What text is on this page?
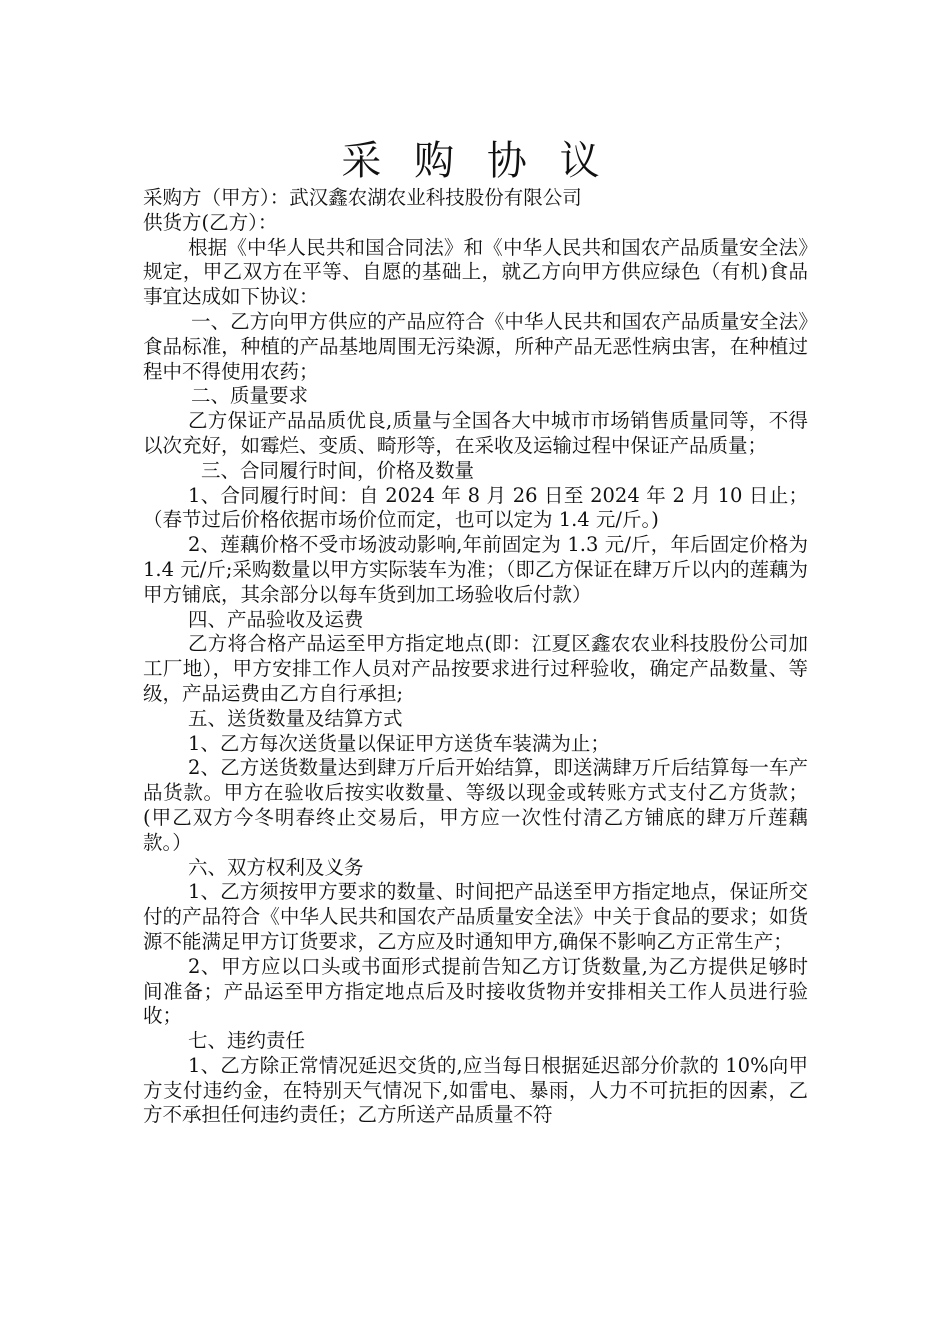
采 购 协 议

采购方（甲方）：武汉鑫农湖农业科技股份有限公司

供货方(乙方）：

根据《中华人民共和国合同法》和《中华人民共和国农产品质量安全法》规定，甲乙双方在平等、自愿的基础上，就乙方向甲方供应绿色（有机)食品事宜达成如下协议：

一、乙方向甲方供应的产品应符合《中华人民共和国农产品质量安全法》食品标准，种植的产品基地周围无污染源，所种产品无恶性病虫害，在种植过程中不得使用农药；

二、质量要求

乙方保证产品品质优良,质量与全国各大中城市市场销售质量同等，不得以次充好，如霉烂、变质、畸形等，在采收及运输过程中保证产品质量；

三、合同履行时间，价格及数量

1、合同履行时间：自 2024 年 8 月 26 日至 2024 年 2 月 10 日止；（春节过后价格依据市场价位而定，也可以定为 1.4 元/斤。)

2、莲藕价格不受市场波动影响,年前固定为 1.3 元/斤，年后固定价格为 1.4 元/斤;采购数量以甲方实际装车为准；（即乙方保证在肆万斤以内的莲藕为甲方铺底，其余部分以每车货到加工场验收后付款）

四、产品验收及运费

乙方将合格产品运至甲方指定地点(即：江夏区鑫农农业科技股份公司加工厂地），甲方安排工作人员对产品按要求进行过秤验收，确定产品数量、等级，产品运费由乙方自行承担;

五、送货数量及结算方式

1、乙方每次送货量以保证甲方送货车装满为止；

2、乙方送货数量达到肆万斤后开始结算，即送满肆万斤后结算每一车产品货款。甲方在验收后按实收数量、等级以现金或转账方式支付乙方货款；(甲乙双方今冬明春终止交易后，甲方应一次性付清乙方铺底的肆万斤莲藕款。）

六、双方权利及义务

1、乙方须按甲方要求的数量、时间把产品送至甲方指定地点，保证所交付的产品符合《中华人民共和国农产品质量安全法》中关于食品的要求；如货源不能满足甲方订货要求，乙方应及时通知甲方,确保不影响乙方正常生产；

2、甲方应以口头或书面形式提前告知乙方订货数量,为乙方提供足够时间准备；产品运至甲方指定地点后及时接收货物并安排相关工作人员进行验收；

七、违约责任

1、乙方除正常情况延迟交货的,应当每日根据延迟部分价款的 10%向甲方支付违约金，在特别天气情况下,如雷电、暴雨，人力不可抗拒的因素，乙方不承担任何违约责任；乙方所送产品质量不符
